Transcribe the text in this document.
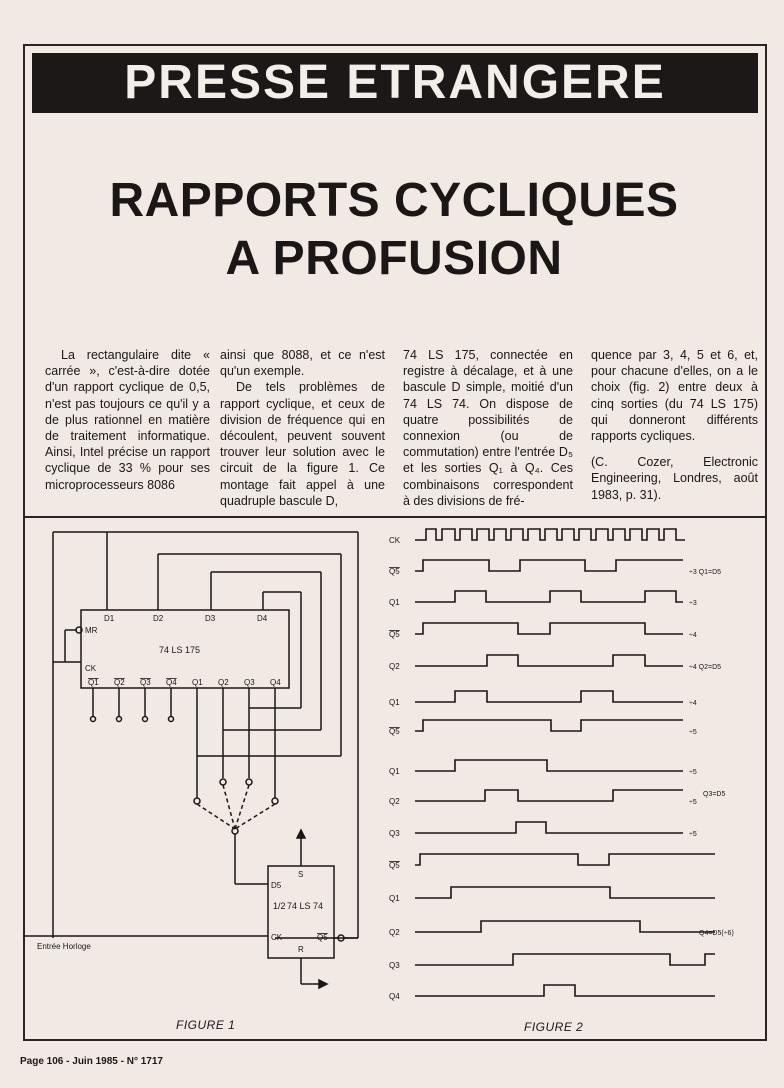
PRESSE ETRANGERE
RAPPORTS CYCLIQUES
A PROFUSION

La rectangulaire dite « carrée », c'est-à-dire dotée d'un rapport cyclique de 0,5, n'est pas toujours ce qu'il y a de plus rationnel en matière de traitement informatique. Ainsi, Intel précise un rapport cyclique de 33 % pour ses microprocesseurs 8086

ainsi que 8088, et ce n'est qu'un exemple.

De tels problèmes de rapport cyclique, et ceux de division de fréquence qui en découlent, peuvent souvent trouver leur solution avec le circuit de la figure 1. Ce montage fait appel à une quadruple bascule D,

74 LS 175, connectée en registre à décalage, et à une bascule D simple, moitié d'un 74 LS 74. On dispose de quatre possibilités de connexion (ou de commutation) entre l'entrée D₅ et les sorties Q₁ à Q₄. Ces combinaisons correspondent à des divisions de fré-

quence par 3, 4, 5 et 6, et, pour chacune d'elles, on a le choix (fig. 2) entre deux à cinq sorties (du 74 LS 175) qui donneront différents rapports cycliques.

(C. Cozer, Electronic Engineering, Londres, août 1983, p. 31).

D1	D2	D3	D4
MR
CK
74 LS 175
Q1 Q2 Q3 Q4 Q1 Q2 Q3 Q4
D5
S
1/2 74 LS 74
CK
R
Q5
Entrée Horloge
CK
Q5	÷3 Q1=D5
Q1	÷3
Q5	÷4
Q2	÷4 Q2=D5
Q1	÷4
Q5	÷5
Q1	÷5
Q2	÷5
Q3	÷5
Q5
Q1
Q2	Q4=D5(÷6)
Q3
Q4
Q3=D5
FIGURE 1	FIGURE 2
Page 106 - Juin 1985 - N° 1717
